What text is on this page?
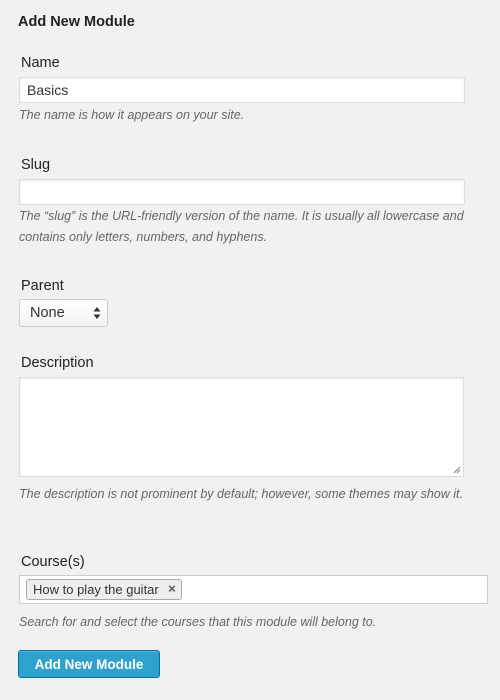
Add New Module
Name
Basics

The name is how it appears on your site.

Slug

The “slug” is the URL-friendly version of the name. It is usually all lowercase and contains only letters, numbers, and hyphens.

Parent
None
Description

The description is not prominent by default; however, some themes may show it.

Course(s)
How to play the guitar ×

Search for and select the courses that this module will belong to.

Add New Module
